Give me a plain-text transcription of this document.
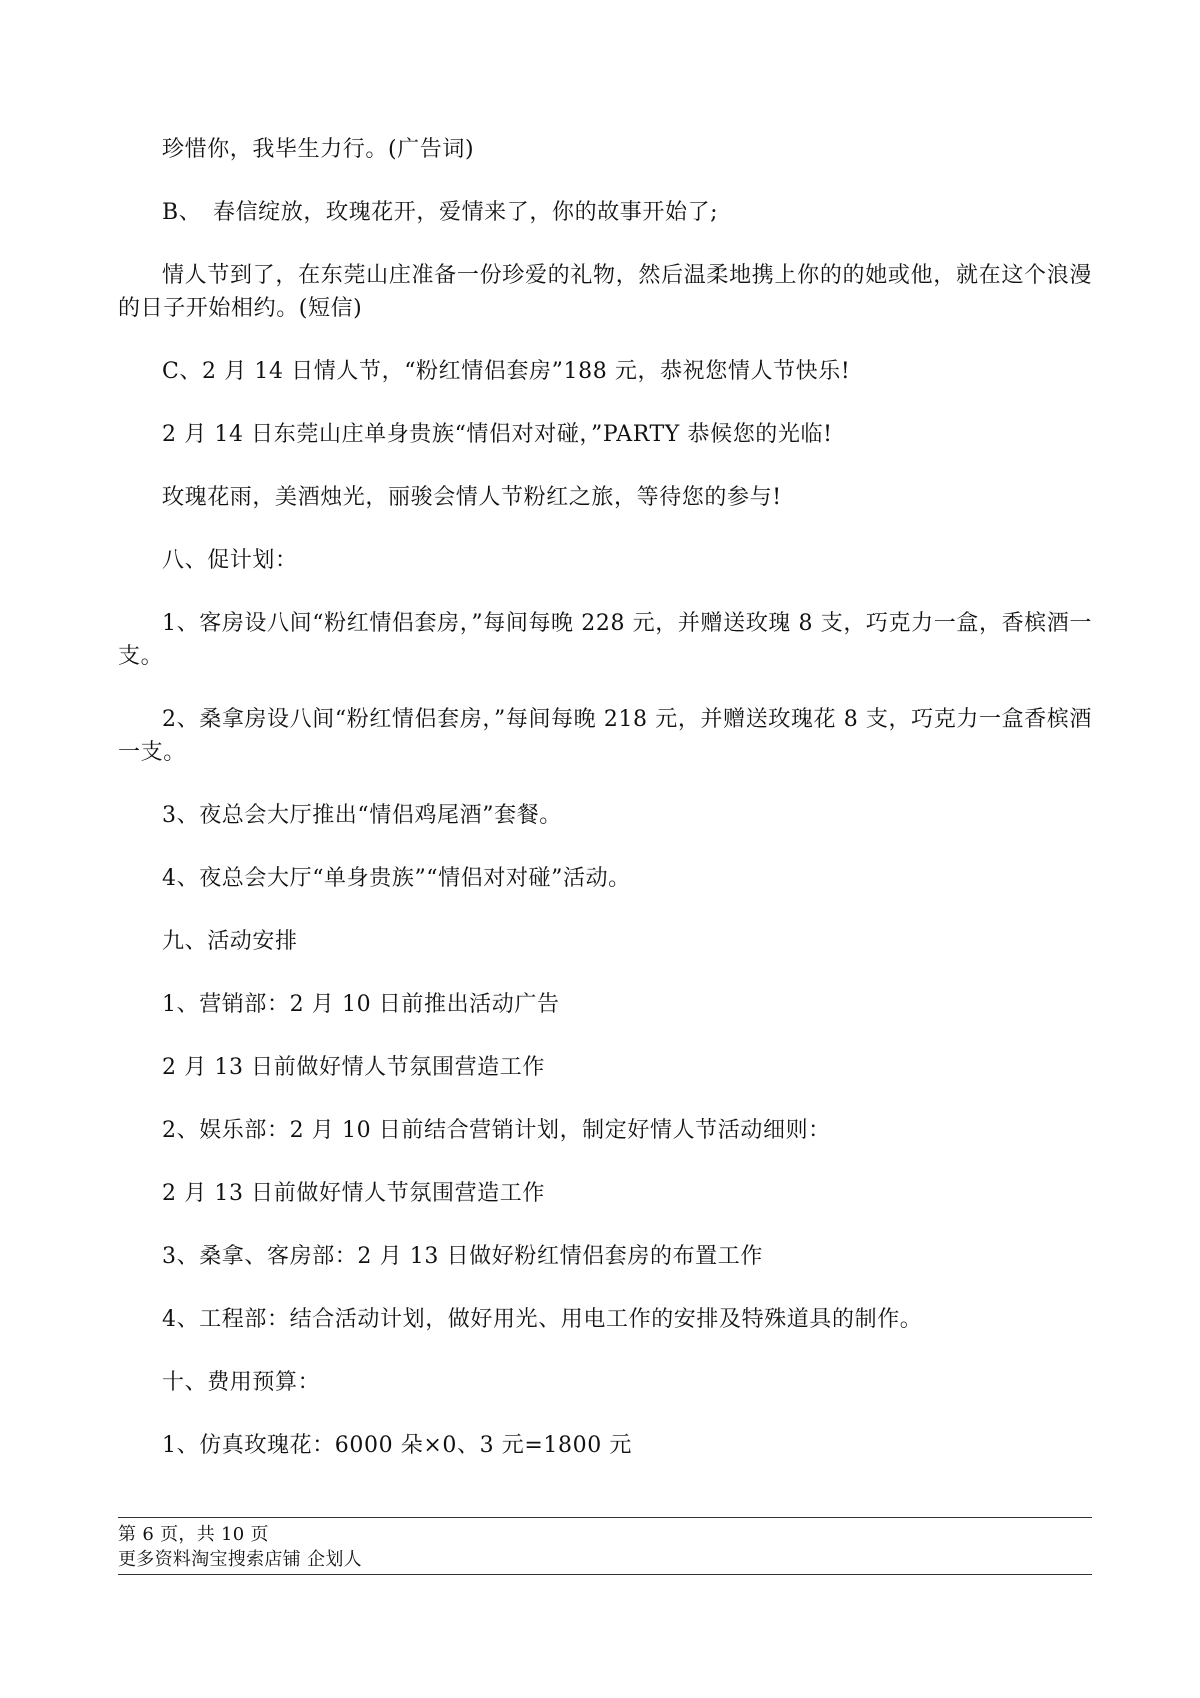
珍惜你，我毕生力行。(广告词)

B、　春信绽放，玫瑰花开，爱情来了，你的故事开始了;

情人节到了，在东莞山庄准备一份珍爱的礼物，然后温柔地携上你的的她或他，就在这个浪漫的日子开始相约。(短信)

C、2 月 14 日情人节，“粉红情侣套房”188 元，恭祝您情人节快乐!

2 月 14 日东莞山庄单身贵族“情侣对对碰，”PARTY 恭候您的光临!

玫瑰花雨，美酒烛光，丽骏会情人节粉红之旅，等待您的参与!

八、促计划：

1、客房设八间“粉红情侣套房，”每间每晚 228 元，并赠送玫瑰 8 支，巧克力一盒，香槟酒一支。

2、桑拿房设八间“粉红情侣套房，”每间每晚 218 元，并赠送玫瑰花 8 支，巧克力一盒香槟酒一支。

3、夜总会大厅推出“情侣鸡尾酒”套餐。

4、夜总会大厅“单身贵族”“情侣对对碰”活动。

九、活动安排

1、营销部：2 月 10 日前推出活动广告

2 月 13 日前做好情人节氛围营造工作

2、娱乐部：2 月 10 日前结合营销计划，制定好情人节活动细则：

2 月 13 日前做好情人节氛围营造工作

3、桑拿、客房部：2 月 13 日做好粉红情侣套房的布置工作

4、工程部：结合活动计划，做好用光、用电工作的安排及特殊道具的制作。

十、费用预算：

1、仿真玫瑰花：6000 朵×0、3 元=1800 元

第 6 页，共 10 页
更多资料淘宝搜索店铺 企划人
